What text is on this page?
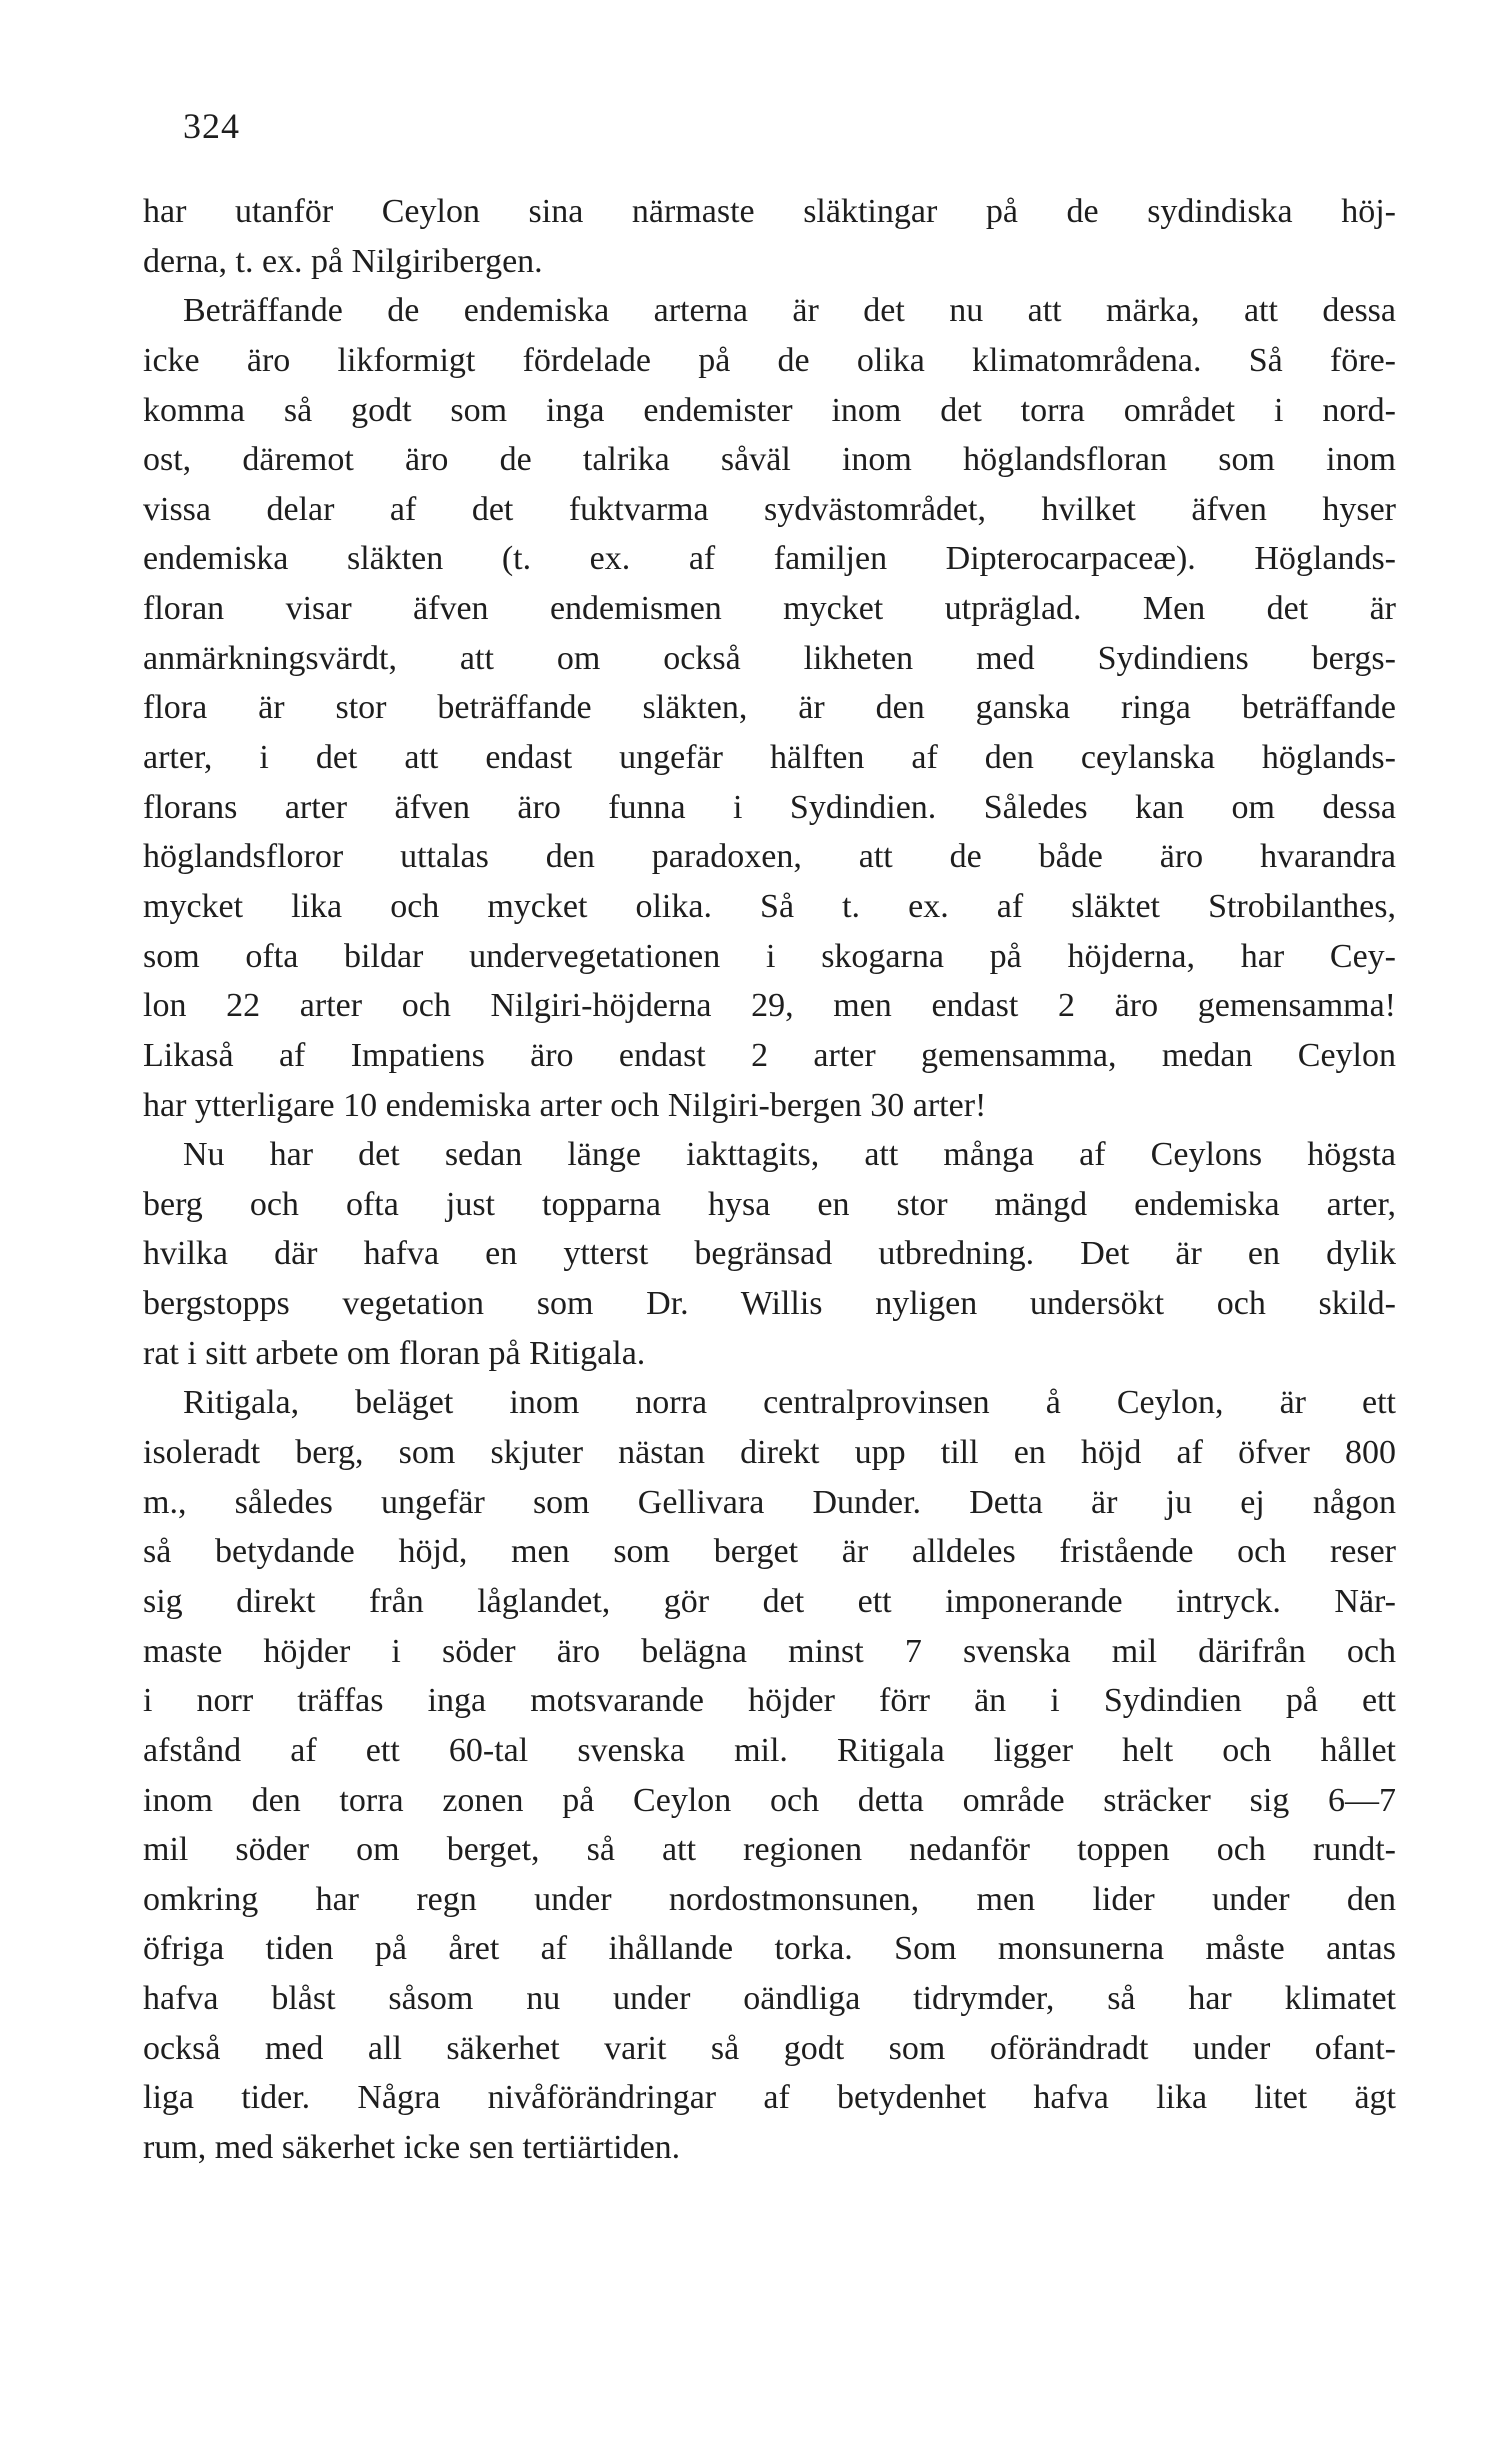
324
har utanför Ceylon sina närmaste släktingar på de sydindiska höj-
derna, t. ex. på Nilgiribergen.
Beträffande de endemiska arterna är det nu att märka, att dessa
icke äro likformigt fördelade på de olika klimatområdena. Så före-
komma så godt som inga endemister inom det torra området i nord-
ost, däremot äro de talrika såväl inom höglandsfloran som inom
vissa delar af det fuktvarma sydvästområdet, hvilket äfven hyser
endemiska släkten (t. ex. af familjen Dipterocarpaceæ). Höglands-
floran visar äfven endemismen mycket utpräglad. Men det är
anmärkningsvärdt, att om också likheten med Sydindiens bergs-
flora är stor beträffande släkten, är den ganska ringa beträffande
arter, i det att endast ungefär hälften af den ceylanska höglands-
florans arter äfven äro funna i Sydindien. Således kan om dessa
höglandsfloror uttalas den paradoxen, att de både äro hvarandra
mycket lika och mycket olika. Så t. ex. af släktet Strobilanthes,
som ofta bildar undervegetationen i skogarna på höjderna, har Cey-
lon 22 arter och Nilgiri-höjderna 29, men endast 2 äro gemensamma!
Likaså af Impatiens äro endast 2 arter gemensamma, medan Ceylon
har ytterligare 10 endemiska arter och Nilgiri-bergen 30 arter!
Nu har det sedan länge iakttagits, att många af Ceylons högsta
berg och ofta just topparna hysa en stor mängd endemiska arter,
hvilka där hafva en ytterst begränsad utbredning. Det är en dylik
bergstopps vegetation som Dr. Willis nyligen undersökt och skild-
rat i sitt arbete om floran på Ritigala.
Ritigala, beläget inom norra centralprovinsen å Ceylon, är ett
isoleradt berg, som skjuter nästan direkt upp till en höjd af öfver 800
m., således ungefär som Gellivara Dunder. Detta är ju ej någon
så betydande höjd, men som berget är alldeles fristående och reser
sig direkt från låglandet, gör det ett imponerande intryck. När-
maste höjder i söder äro belägna minst 7 svenska mil därifrån och
i norr träffas inga motsvarande höjder förr än i Sydindien på ett
afstånd af ett 60-tal svenska mil. Ritigala ligger helt och hållet
inom den torra zonen på Ceylon och detta område sträcker sig 6—7
mil söder om berget, så att regionen nedanför toppen och rundt-
omkring har regn under nordostmonsunen, men lider under den
öfriga tiden på året af ihållande torka. Som monsunerna måste antas
hafva blåst såsom nu under oändliga tidrymder, så har klimatet
också med all säkerhet varit så godt som oförändradt under ofant-
liga tider. Några nivåförändringar af betydenhet hafva lika litet ägt
rum, med säkerhet icke sen tertiärtiden.
